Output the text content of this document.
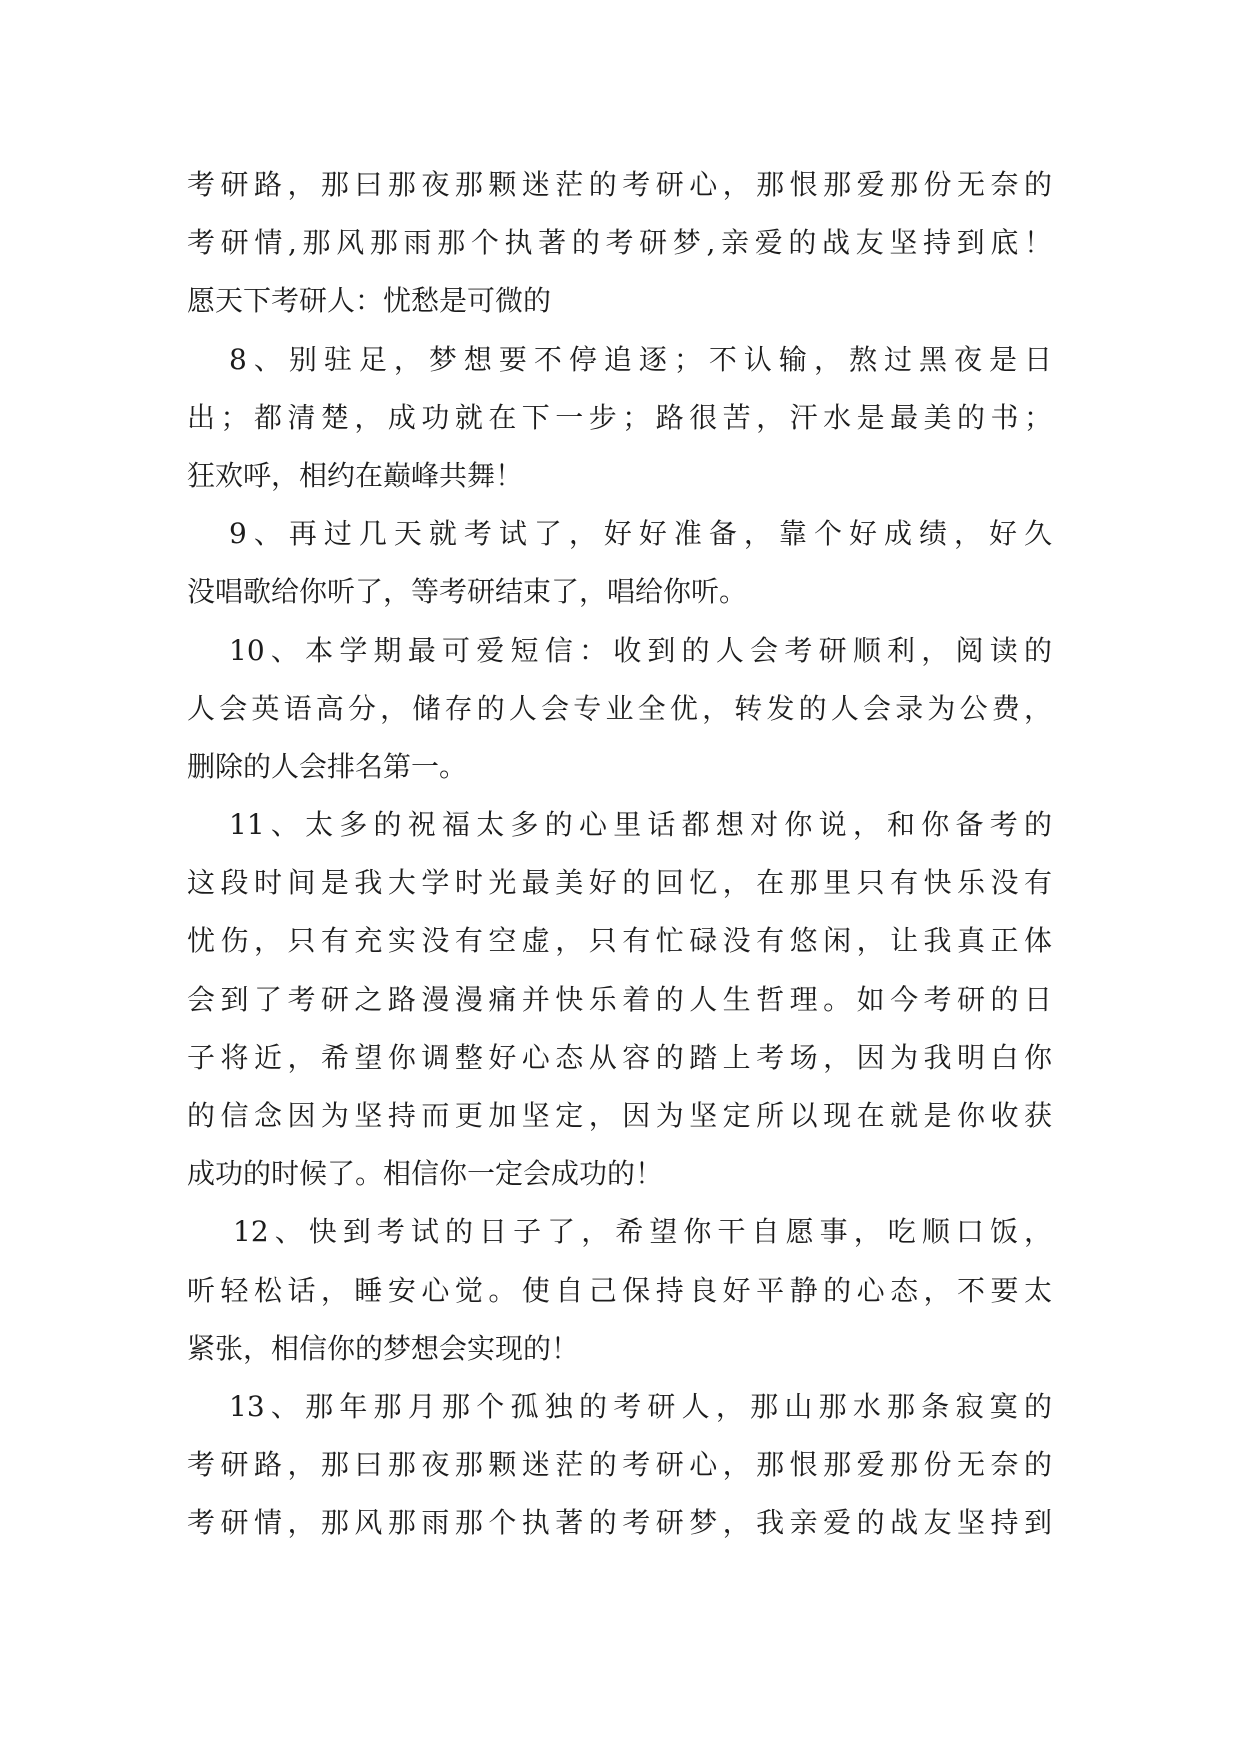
考研路，那曰那夜那颗迷茫的考研心，那恨那爱那份无奈的
考研情,那风那雨那个执著的考研梦,亲爱的战友坚持到底！
愿天下考研人：忧愁是可微的
8、别驻足，梦想要不停追逐；不认输，熬过黑夜是日
出；都清楚，成功就在下一步；路很苦，汗水是最美的书；
狂欢呼，相约在巅峰共舞！
9、再过几天就考试了，好好准备，靠个好成绩，好久
没唱歌给你听了，等考研结束了，唱给你听。
10、本学期最可爱短信：收到的人会考研顺利，阅读的
人会英语高分，储存的人会专业全优，转发的人会录为公费，
删除的人会排名第一。
11、太多的祝福太多的心里话都想对你说，和你备考的
这段时间是我大学时光最美好的回忆，在那里只有快乐没有
忧伤，只有充实没有空虚，只有忙碌没有悠闲，让我真正体
会到了考研之路漫漫痛并快乐着的人生哲理。如今考研的日
子将近，希望你调整好心态从容的踏上考场，因为我明白你
的信念因为坚持而更加坚定，因为坚定所以现在就是你收获
成功的时候了。相信你一定会成功的！
12、快到考试的日子了，希望你干自愿事，吃顺口饭，
听轻松话，睡安心觉。使自己保持良好平静的心态，不要太
紧张，相信你的梦想会实现的！
13、那年那月那个孤独的考研人，那山那水那条寂寞的
考研路，那曰那夜那颗迷茫的考研心，那恨那爱那份无奈的
考研情，那风那雨那个执著的考研梦，我亲爱的战友坚持到
